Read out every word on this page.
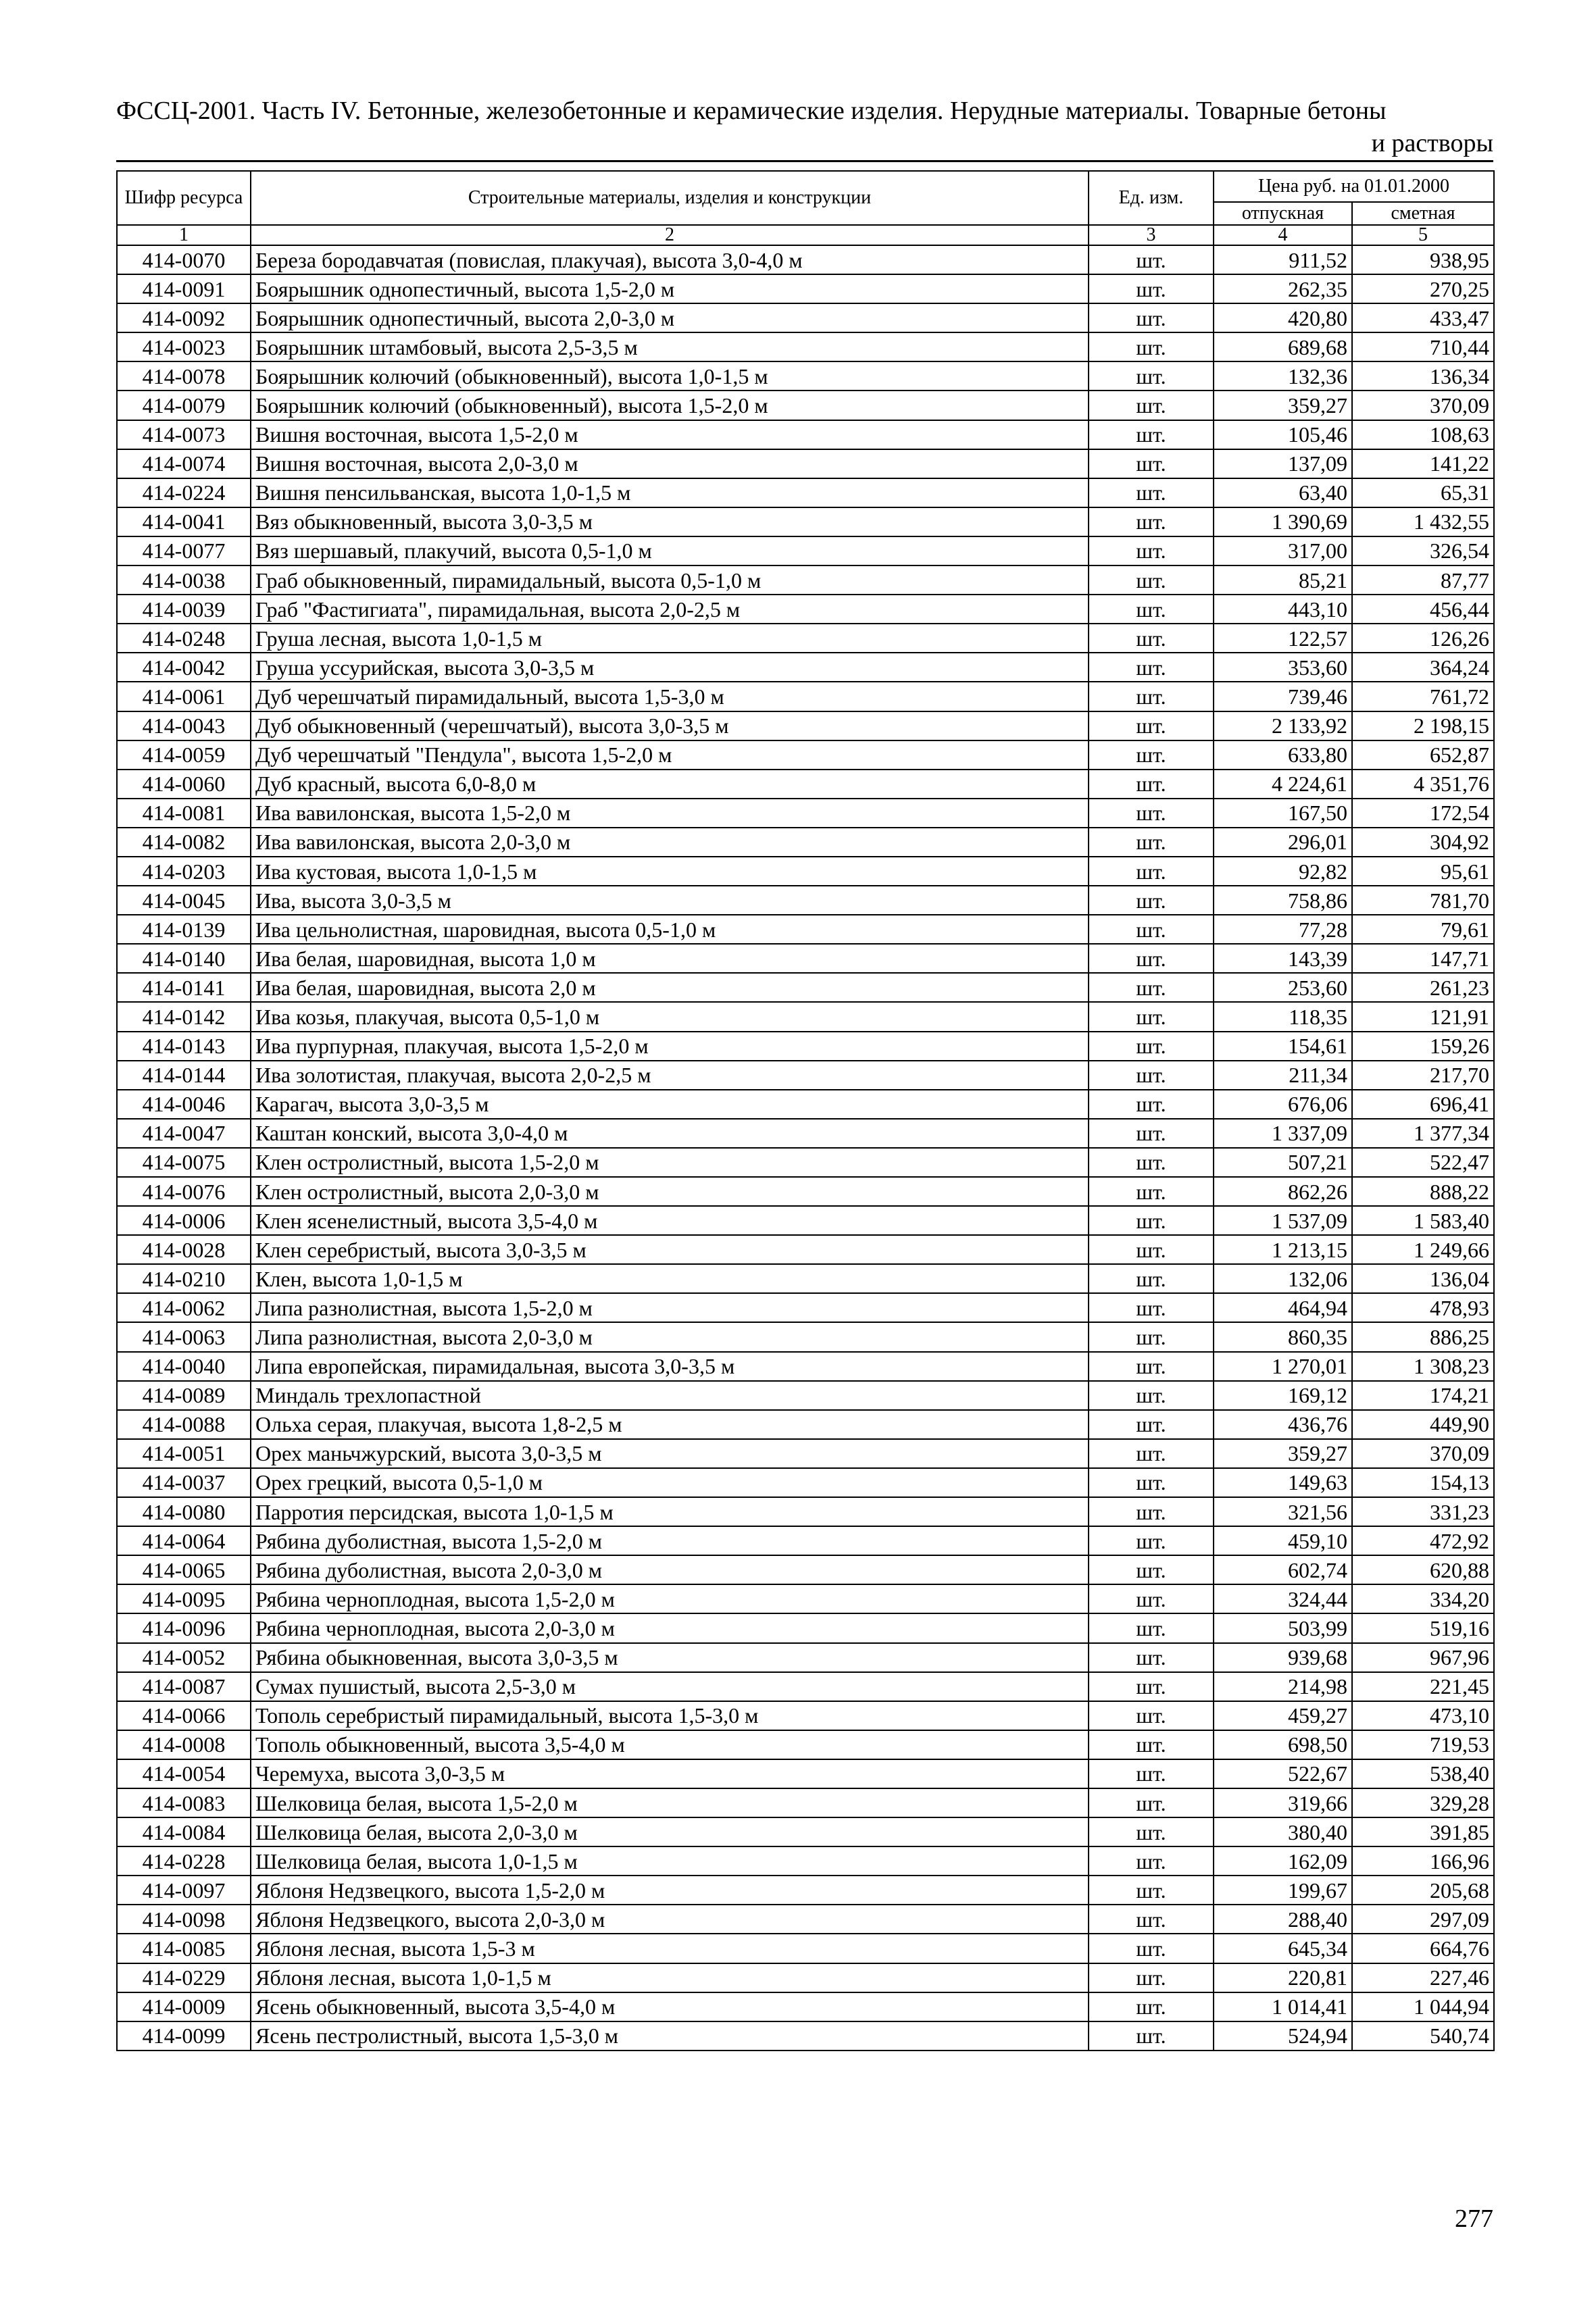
ФССЦ-2001. Часть IV. Бетонные, железобетонные и керамические изделия. Нерудные материалы. Товарные бетоны
и растворы
Шифр ресурса	Строительные материалы, изделия и конструкции	Ед. изм.	Цена руб. на 01.01.2000	
			отпускная	сметная
1	2	3	4	5
414-0070	Береза бородавчатая (повислая, плакучая), высота 3,0-4,0 м	шт.	911,52	938,95
414-0091	Боярышник однопестичный, высота 1,5-2,0 м	шт.	262,35	270,25
414-0092	Боярышник однопестичный, высота 2,0-3,0 м	шт.	420,80	433,47
414-0023	Боярышник штамбовый, высота 2,5-3,5 м	шт.	689,68	710,44
414-0078	Боярышник колючий (обыкновенный), высота 1,0-1,5 м	шт.	132,36	136,34
414-0079	Боярышник колючий (обыкновенный), высота 1,5-2,0 м	шт.	359,27	370,09
414-0073	Вишня восточная, высота 1,5-2,0 м	шт.	105,46	108,63
414-0074	Вишня восточная, высота 2,0-3,0 м	шт.	137,09	141,22
414-0224	Вишня пенсильванская, высота 1,0-1,5 м	шт.	63,40	65,31
414-0041	Вяз обыкновенный, высота 3,0-3,5 м	шт.	1 390,69	1 432,55
414-0077	Вяз шершавый, плакучий, высота 0,5-1,0 м	шт.	317,00	326,54
414-0038	Граб обыкновенный, пирамидальный, высота 0,5-1,0 м	шт.	85,21	87,77
414-0039	Граб "Фастигиата", пирамидальная, высота 2,0-2,5 м	шт.	443,10	456,44
414-0248	Груша лесная, высота 1,0-1,5 м	шт.	122,57	126,26
414-0042	Груша уссурийская, высота 3,0-3,5 м	шт.	353,60	364,24
414-0061	Дуб черешчатый пирамидальный, высота 1,5-3,0 м	шт.	739,46	761,72
414-0043	Дуб обыкновенный (черешчатый), высота 3,0-3,5 м	шт.	2 133,92	2 198,15
414-0059	Дуб черешчатый "Пендула", высота 1,5-2,0 м	шт.	633,80	652,87
414-0060	Дуб красный, высота 6,0-8,0 м	шт.	4 224,61	4 351,76
414-0081	Ива вавилонская, высота 1,5-2,0 м	шт.	167,50	172,54
414-0082	Ива вавилонская, высота 2,0-3,0 м	шт.	296,01	304,92
414-0203	Ива кустовая, высота 1,0-1,5 м	шт.	92,82	95,61
414-0045	Ива, высота 3,0-3,5 м	шт.	758,86	781,70
414-0139	Ива цельнолистная, шаровидная, высота 0,5-1,0 м	шт.	77,28	79,61
414-0140	Ива белая, шаровидная, высота 1,0 м	шт.	143,39	147,71
414-0141	Ива белая, шаровидная, высота 2,0 м	шт.	253,60	261,23
414-0142	Ива козья, плакучая, высота 0,5-1,0 м	шт.	118,35	121,91
414-0143	Ива пурпурная, плакучая, высота 1,5-2,0 м	шт.	154,61	159,26
414-0144	Ива золотистая, плакучая, высота 2,0-2,5 м	шт.	211,34	217,70
414-0046	Карагач, высота 3,0-3,5 м	шт.	676,06	696,41
414-0047	Каштан конский, высота 3,0-4,0 м	шт.	1 337,09	1 377,34
414-0075	Клен остролистный, высота 1,5-2,0 м	шт.	507,21	522,47
414-0076	Клен остролистный, высота 2,0-3,0 м	шт.	862,26	888,22
414-0006	Клен ясенелистный, высота 3,5-4,0 м	шт.	1 537,09	1 583,40
414-0028	Клен серебристый, высота 3,0-3,5 м	шт.	1 213,15	1 249,66
414-0210	Клен, высота 1,0-1,5 м	шт.	132,06	136,04
414-0062	Липа разнолистная, высота 1,5-2,0 м	шт.	464,94	478,93
414-0063	Липа разнолистная, высота 2,0-3,0 м	шт.	860,35	886,25
414-0040	Липа европейская, пирамидальная, высота 3,0-3,5 м	шт.	1 270,01	1 308,23
414-0089	Миндаль трехлопастной	шт.	169,12	174,21
414-0088	Ольха серая, плакучая, высота 1,8-2,5 м	шт.	436,76	449,90
414-0051	Орех маньчжурский, высота 3,0-3,5 м	шт.	359,27	370,09
414-0037	Орех грецкий, высота 0,5-1,0 м	шт.	149,63	154,13
414-0080	Парротия персидская, высота 1,0-1,5 м	шт.	321,56	331,23
414-0064	Рябина дуболистная, высота 1,5-2,0 м	шт.	459,10	472,92
414-0065	Рябина дуболистная, высота 2,0-3,0 м	шт.	602,74	620,88
414-0095	Рябина черноплодная, высота 1,5-2,0 м	шт.	324,44	334,20
414-0096	Рябина черноплодная, высота 2,0-3,0 м	шт.	503,99	519,16
414-0052	Рябина обыкновенная, высота 3,0-3,5 м	шт.	939,68	967,96
414-0087	Сумах пушистый, высота 2,5-3,0 м	шт.	214,98	221,45
414-0066	Тополь серебристый пирамидальный, высота 1,5-3,0 м	шт.	459,27	473,10
414-0008	Тополь обыкновенный, высота 3,5-4,0 м	шт.	698,50	719,53
414-0054	Черемуха, высота 3,0-3,5 м	шт.	522,67	538,40
414-0083	Шелковица белая, высота 1,5-2,0 м	шт.	319,66	329,28
414-0084	Шелковица белая, высота 2,0-3,0 м	шт.	380,40	391,85
414-0228	Шелковица белая, высота 1,0-1,5 м	шт.	162,09	166,96
414-0097	Яблоня Недзвецкого, высота 1,5-2,0 м	шт.	199,67	205,68
414-0098	Яблоня Недзвецкого, высота 2,0-3,0 м	шт.	288,40	297,09
414-0085	Яблоня лесная, высота 1,5-3 м	шт.	645,34	664,76
414-0229	Яблоня лесная, высота 1,0-1,5 м	шт.	220,81	227,46
414-0009	Ясень обыкновенный, высота 3,5-4,0 м	шт.	1 014,41	1 044,94
414-0099	Ясень пестролистный, высота 1,5-3,0 м	шт.	524,94	540,74
277
